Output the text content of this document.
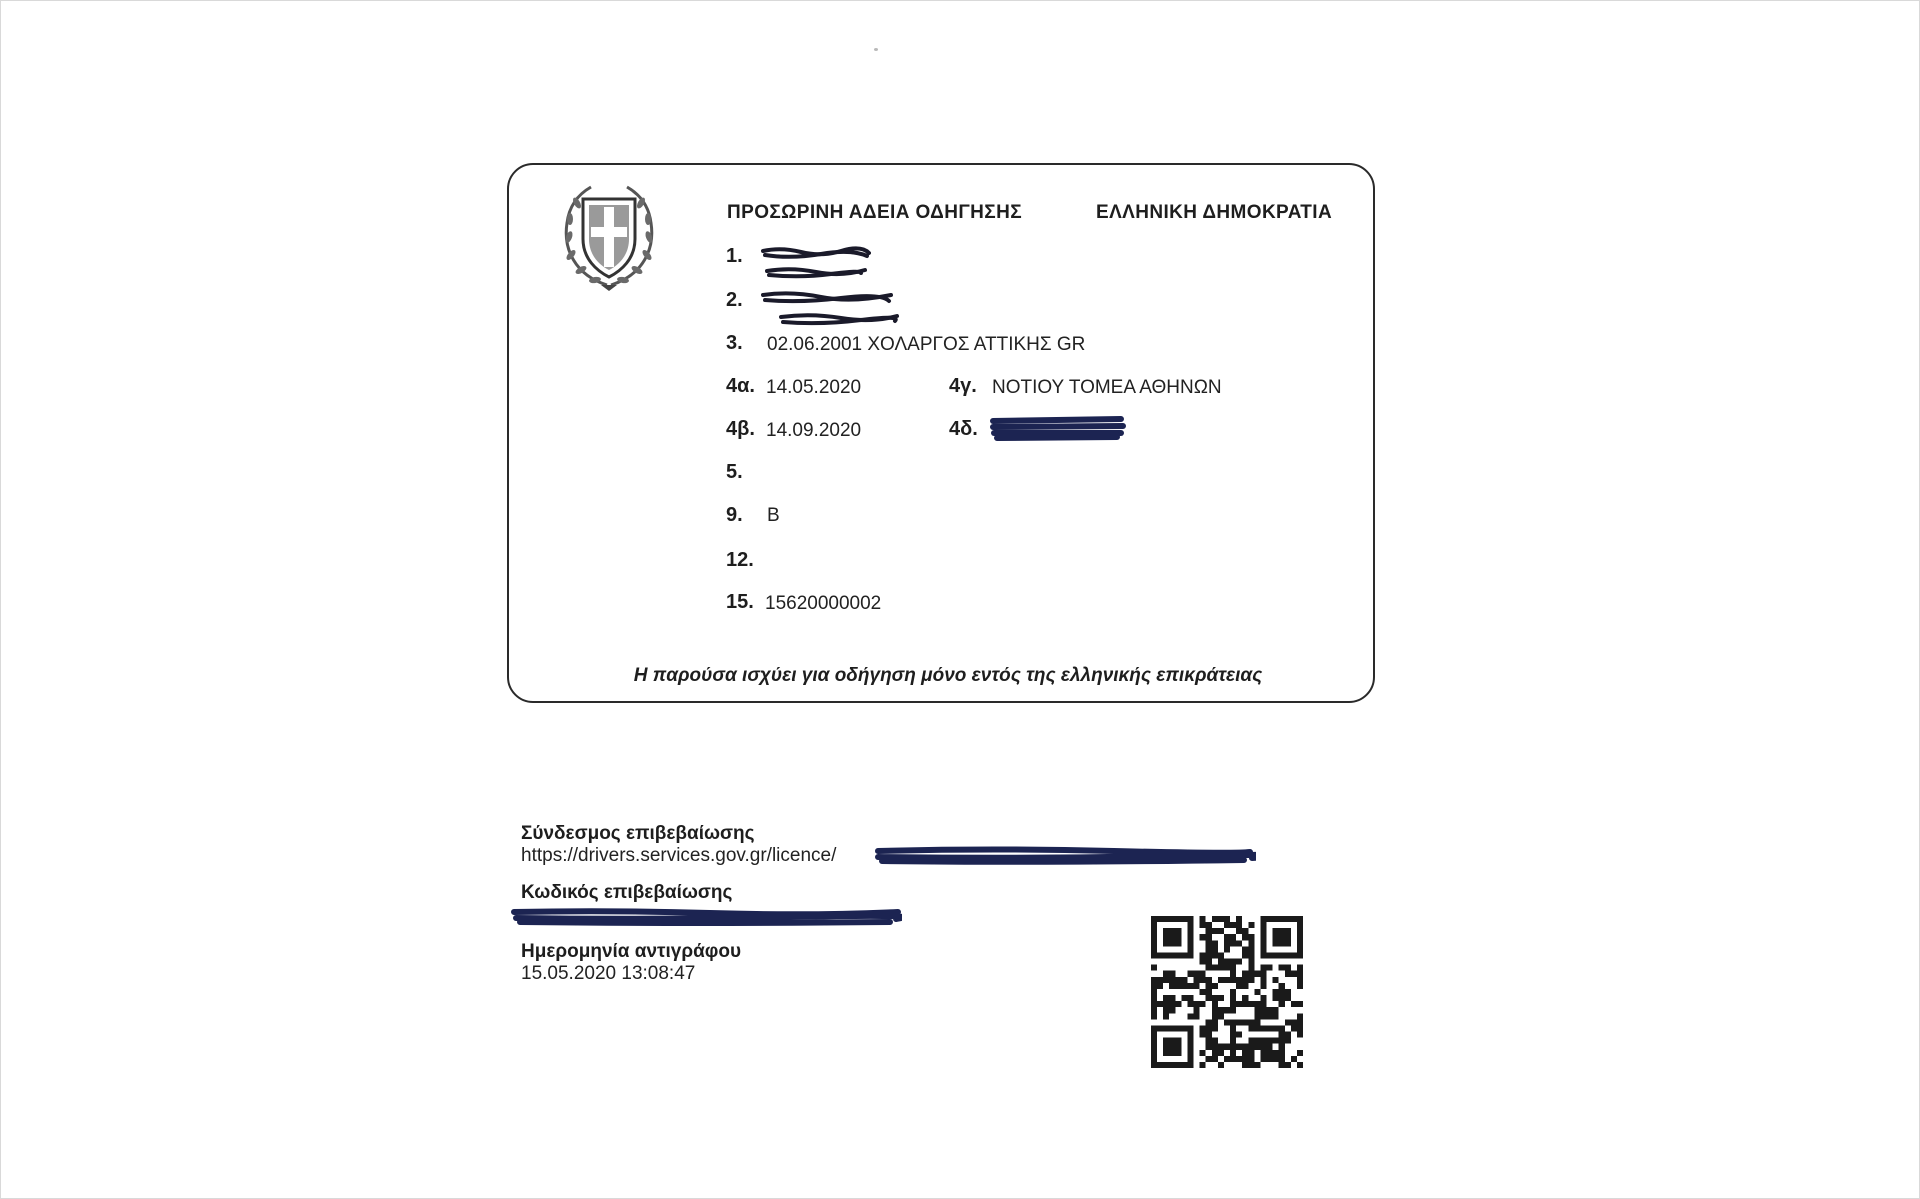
ΠΡΟΣΩΡΙΝΗ ΑΔΕΙΑ ΟΔΗΓΗΣΗΣ	ΕΛΛΗΝΙΚΗ ΔΗΜΟΚΡΑΤΙΑ
1.
2.
3. 02.06.2001 ΧΟΛΑΡΓΟΣ ΑΤΤΙΚΗΣ GR
4α. 14.05.2020	4γ. ΝΟΤΙΟΥ ΤΟΜΕΑ ΑΘΗΝΩΝ
4β. 14.09.2020	4δ.
5.
9. B
12.
15. 15620000002
Η παρούσα ισχύει για οδήγηση μόνο εντός της ελληνικής επικράτειας
Σύνδεσμος επιβεβαίωσης
https://drivers.services.gov.gr/licence/
Κωδικός επιβεβαίωσης
Ημερομηνία αντιγράφου
15.05.2020 13:08:47
